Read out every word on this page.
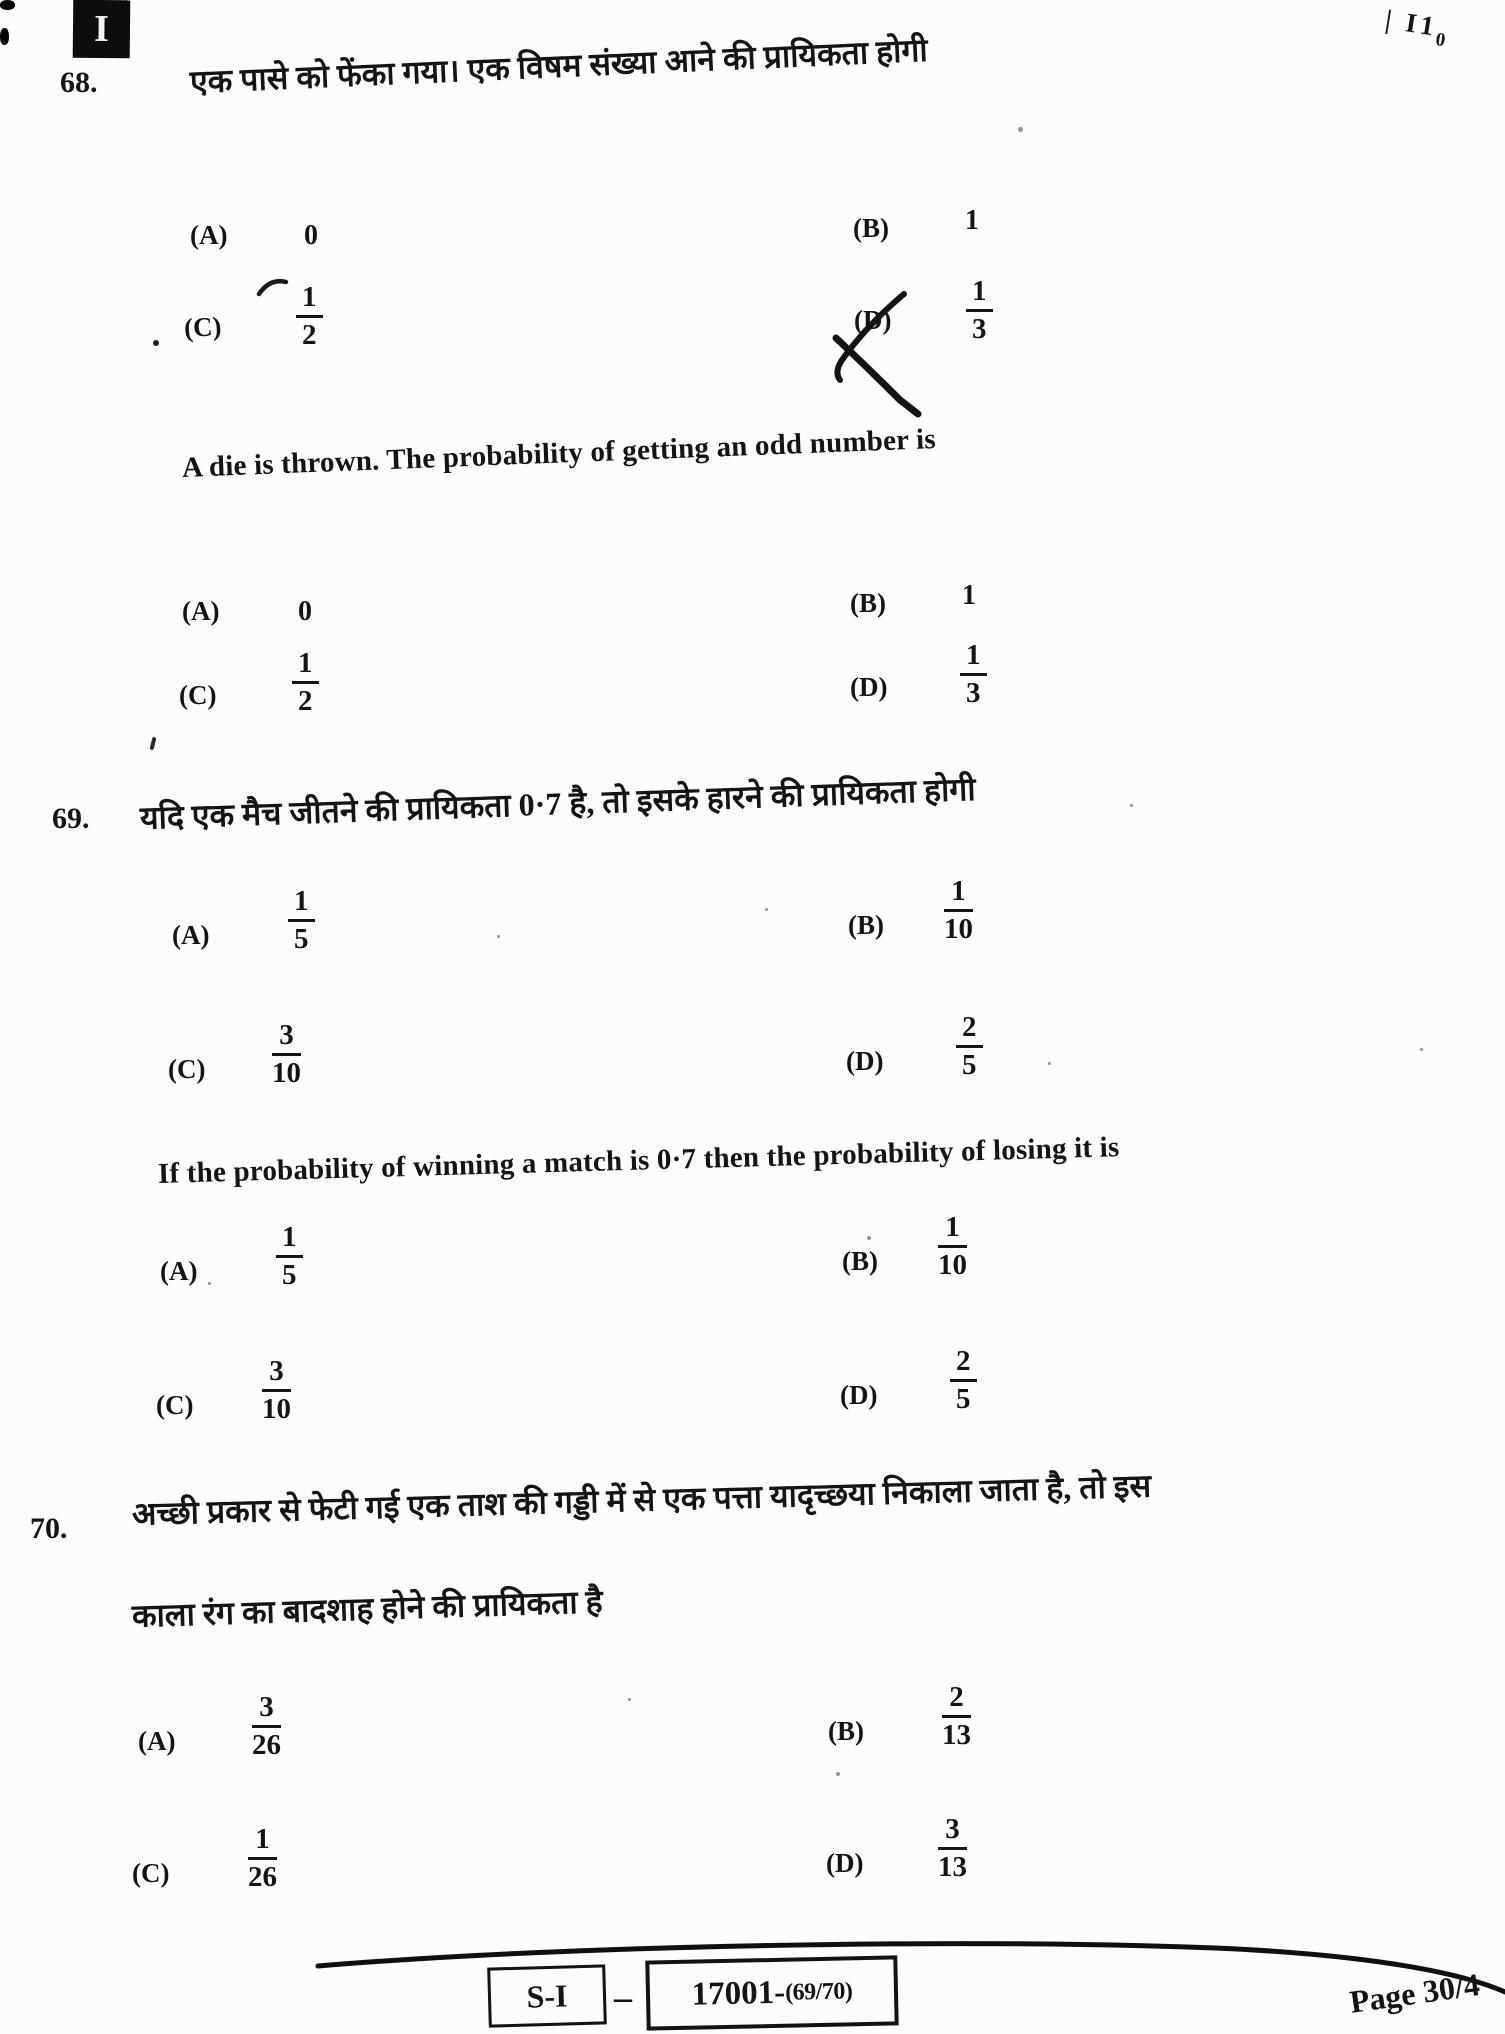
I	| $I1_0$
68.	एक पासे को फेंका गया। एक विषम संख्या आने की प्रायिकता होगी
(A)	0	(B)	1
(C)	$\frac{1}{2}$	(D)	$\frac{1}{3}$
A die is thrown. The probability of getting an odd number is
(A)	0	(B)	1
(C)	$\frac{1}{2}$	(D)	$\frac{1}{3}$
69. यदि एक मैच जीतने की प्रायिकता 0·7 है, तो इसके हारने की प्रायिकता होगी
(A)	$\frac{1}{5}$	$(B) \frac{1}{10}$
$(C) \frac{3}{10}$	(D)	$\frac{2}{5}$
If the probability of winning a match is 0·7 then the probability of losing it is
(A)	$\frac{1}{5}$	$(B) \frac{1}{10}$
$(C) \frac{3}{10}$	(D)	$\frac{2}{5}$
70. अच्छी प्रकार से फेटी गई एक ताश की गड्डी में से एक पत्ता यादृच्छया निकाला जाता है, तो इस
काला रंग का बादशाह होने की प्रायिकता है
(A)	$\frac{3}{26}$	(B)	$\frac{2}{13}$
(C)	$\frac{1}{26}$	(D)	$\frac{3}{13}$
S-I – 17001- (69/70)	Page 30/4
